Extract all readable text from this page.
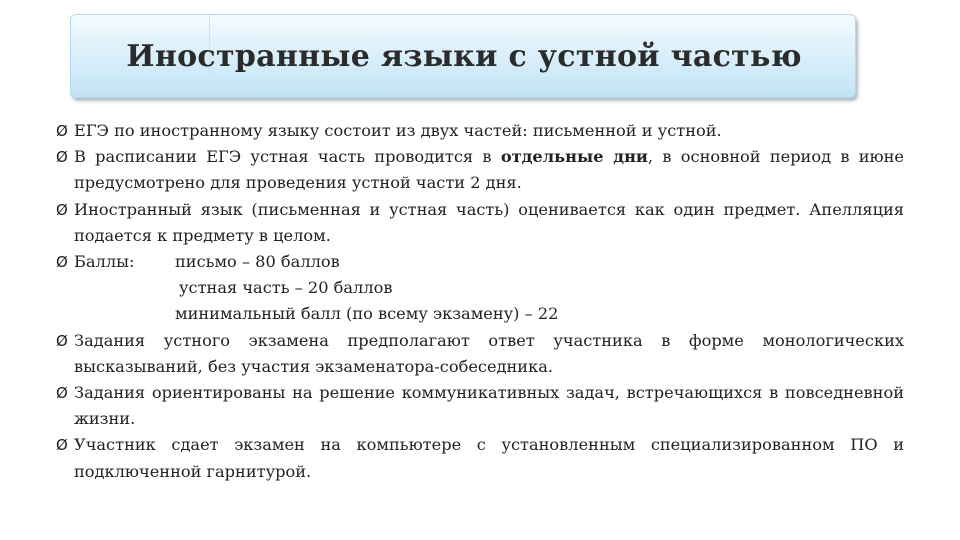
Иностранные языки с устной частью
Ø ЕГЭ по иностранному языку состоит из двух частей: письменной и устной.
Ø В расписании ЕГЭ устная часть проводится в отдельные дни, в основной период в июне предусмотрено для проведения устной части 2 дня.
Ø Иностранный язык (письменная и устная часть) оценивается как один предмет. Апелляция подается к предмету в целом.
Ø Баллы:	письмо – 80 баллов
устная часть – 20 баллов
минимальный балл (по всему экзамену) – 22
Ø Задания устного экзамена предполагают ответ участника в форме монологических высказываний, без участия экзаменатора-собеседника.
Ø Задания ориентированы на решение коммуникативных задач, встречающихся в повседневной жизни.
Ø Участник сдает экзамен на компьютере с установленным специализированном ПО и подключенной гарнитурой.
